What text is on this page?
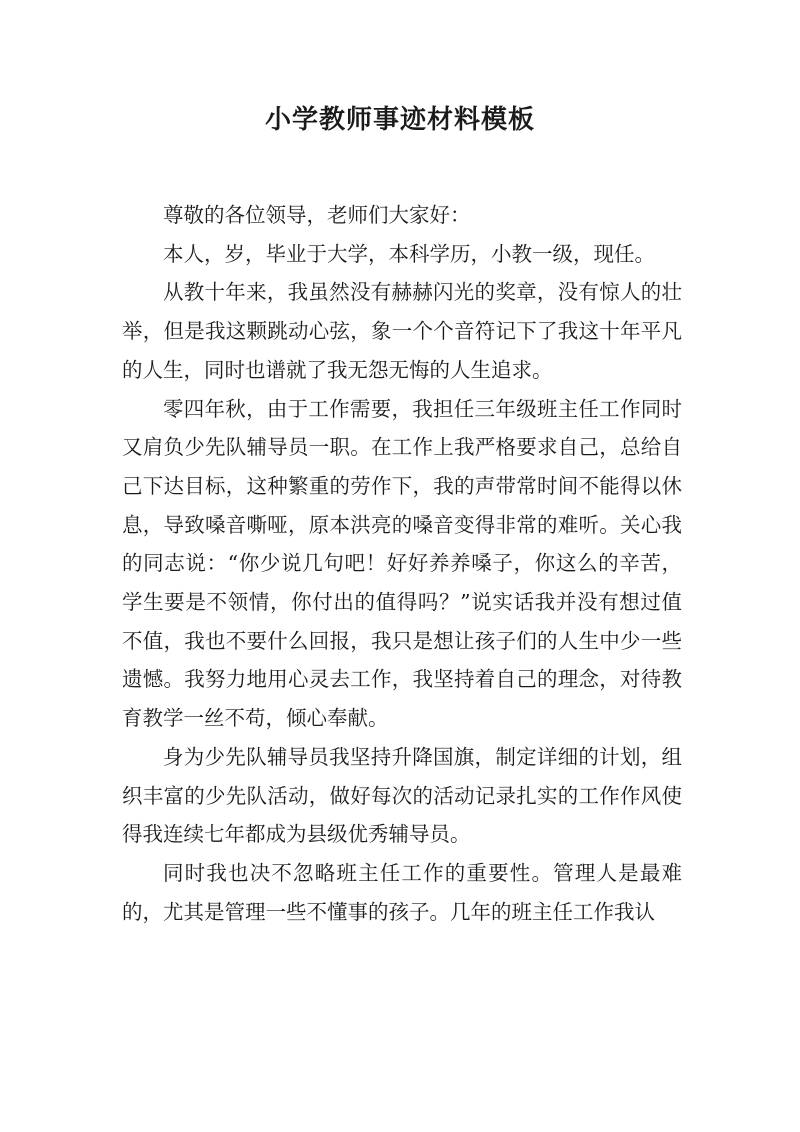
小学教师事迹材料模板

尊敬的各位领导，老师们大家好：

本人，岁，毕业于大学，本科学历，小教一级，现任。

从教十年来，我虽然没有赫赫闪光的奖章，没有惊人的壮举，但是我这颗跳动心弦，象一个个音符记下了我这十年平凡的人生，同时也谱就了我无怨无悔的人生追求。

零四年秋，由于工作需要，我担任三年级班主任工作同时又肩负少先队辅导员一职。在工作上我严格要求自己，总给自己下达目标，这种繁重的劳作下，我的声带常时间不能得以休息，导致嗓音嘶哑，原本洪亮的嗓音变得非常的难听。关心我的同志说：“你少说几句吧！好好养养嗓子，你这么的辛苦，学生要是不领情，你付出的值得吗？”说实话我并没有想过值不值，我也不要什么回报，我只是想让孩子们的人生中少一些遗憾。我努力地用心灵去工作，我坚持着自己的理念，对待教育教学一丝不苟，倾心奉献。

身为少先队辅导员我坚持升降国旗，制定详细的计划，组织丰富的少先队活动，做好每次的活动记录扎实的工作作风使得我连续七年都成为县级优秀辅导员。

同时我也决不忽略班主任工作的重要性。管理人是最难的，尤其是管理一些不懂事的孩子。几年的班主任工作我认
